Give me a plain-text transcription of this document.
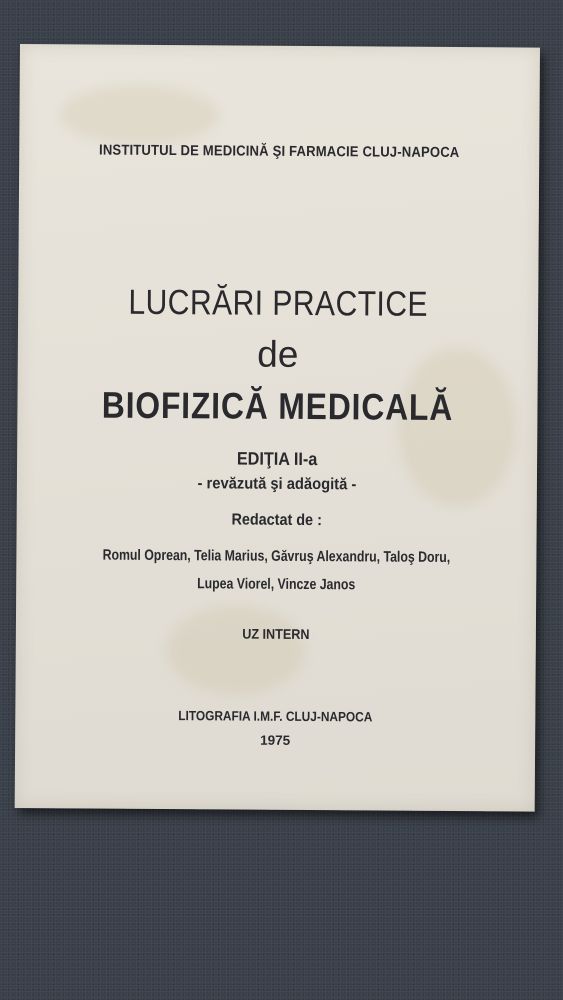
INSTITUTUL DE MEDICINĂ ŞI FARMACIE CLUJ-NAPOCA
LUCRĂRI PRACTICE
de
BIOFIZICĂ MEDICALĂ
EDIŢIA II-a
- revăzută şi adăogită -
Redactat de :
Romul Oprean, Telia Marius, Găvruş Alexandru, Taloş Doru,
Lupea Viorel, Vincze Janos
UZ INTERN
LITOGRAFIA I.M.F. CLUJ-NAPOCA
1975
